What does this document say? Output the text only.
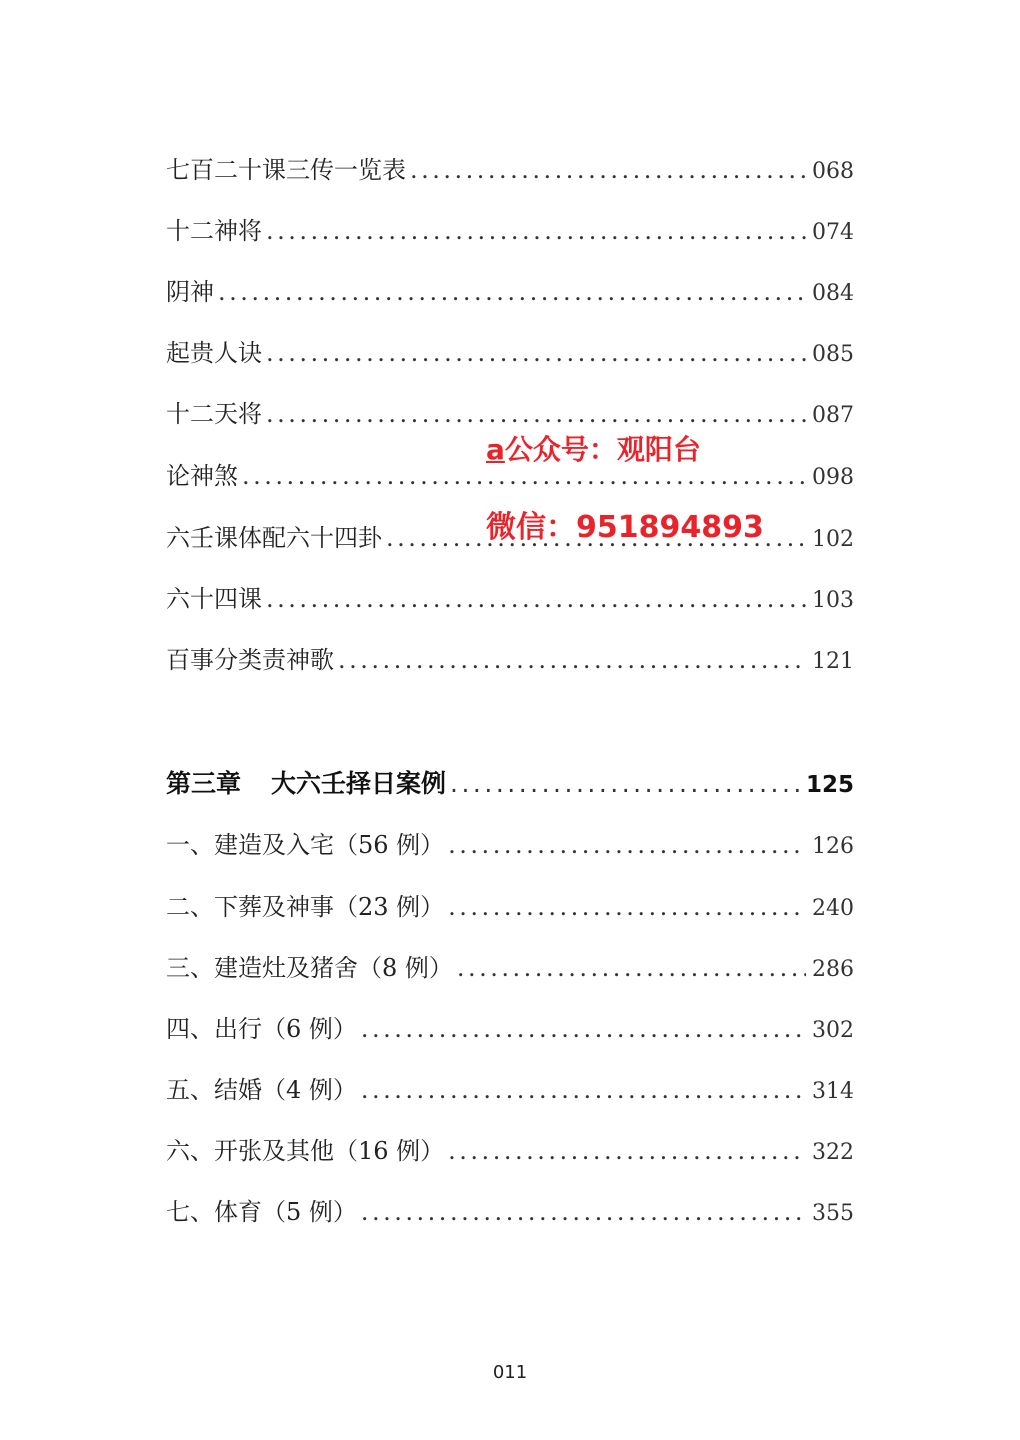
七百二十课三传一览表 .....	068
十二神将 .....	074
阴神 .....	084
起贵人诀 .....	085
十二天将 .....	087
论神煞 .....	098
六壬课体配六十四卦 .....	102
六十四课 .....	103
百事分类责神歌 .....	121
第三章 大六壬择日案例 .....	125
一、建造及入宅（56 例） .....	126
二、下葬及神事（23 例） .....	240
三、建造灶及猪舍（8 例） .....	286
四、出行（6 例） .....	302
五、结婚（4 例） .....	314
六、开张及其他（16 例） .....	322
七、体育（5 例） .....	355
a公众号：观阳台
微信：951894893
011
